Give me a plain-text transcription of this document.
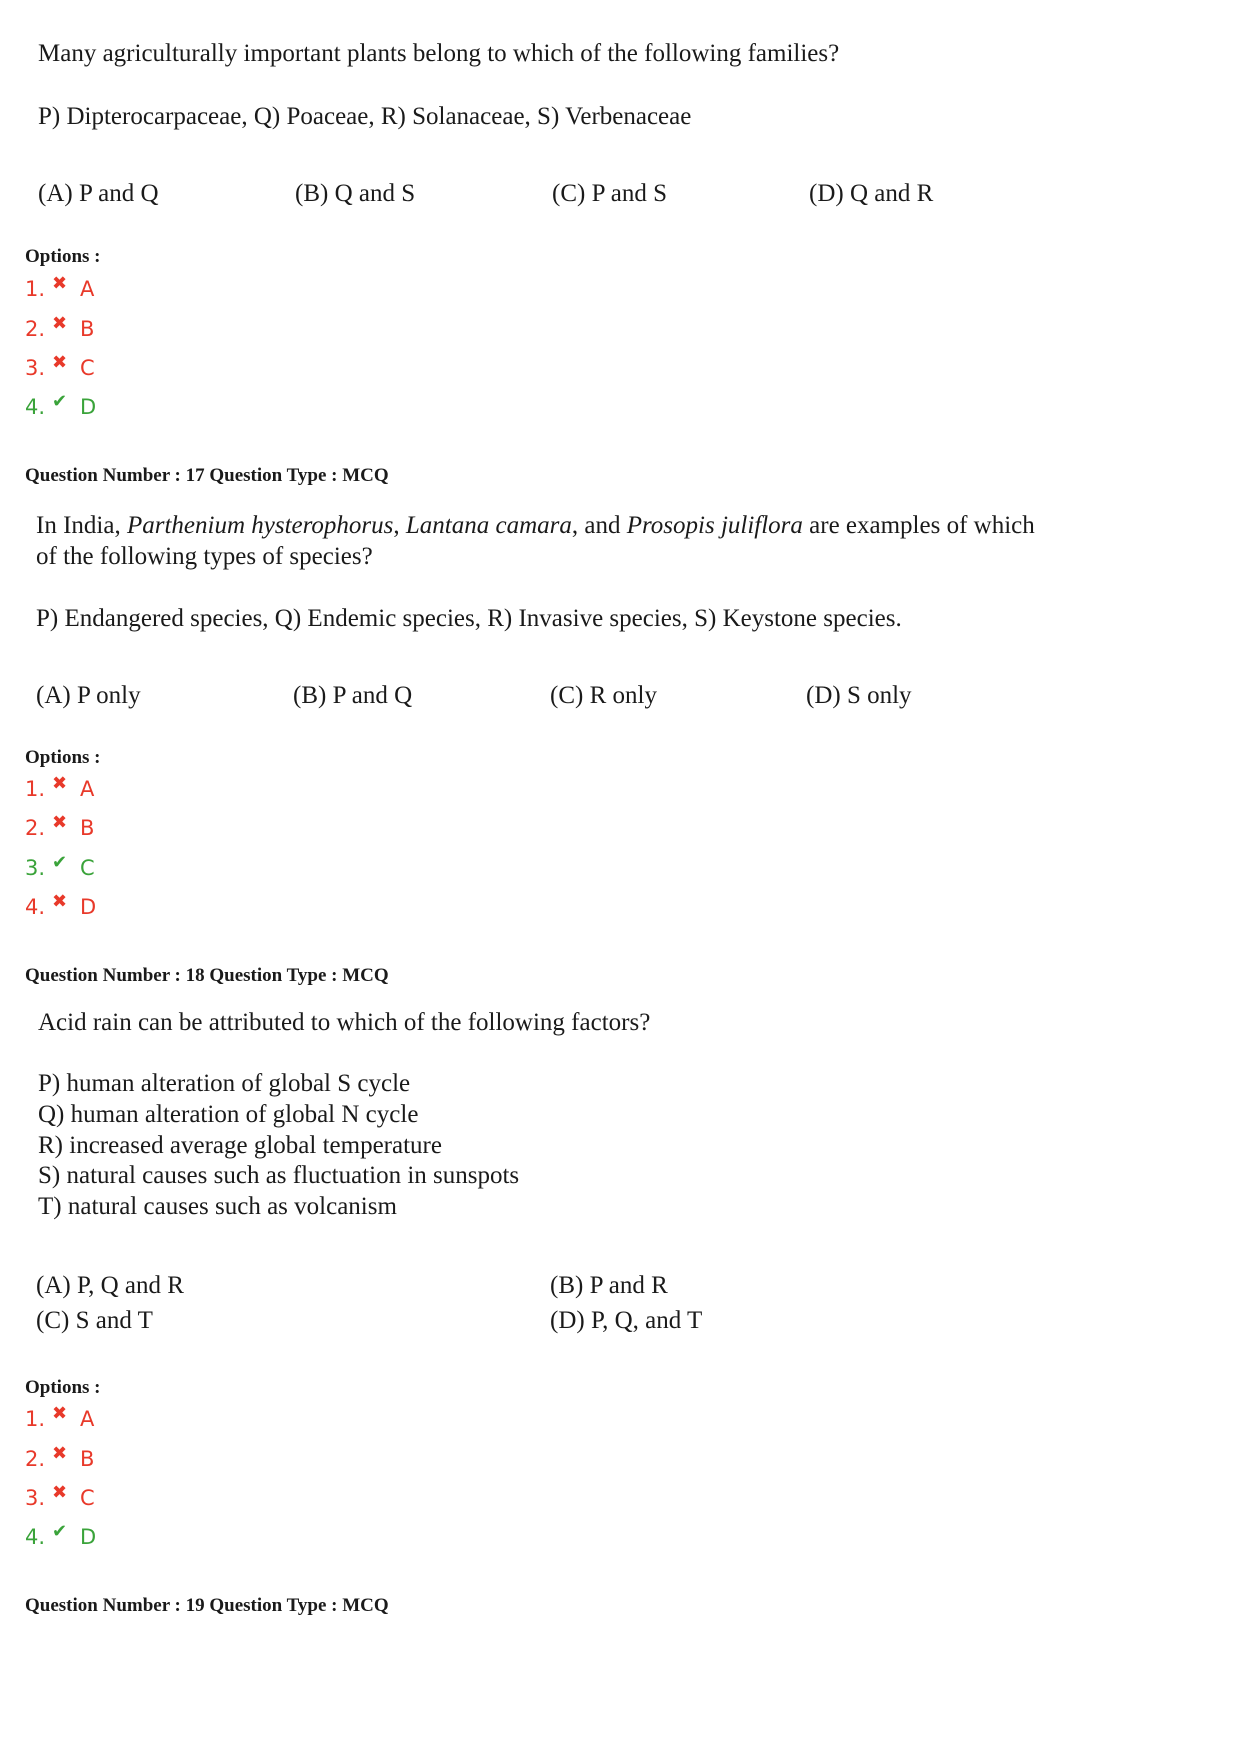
Many agriculturally important plants belong to which of the following families?
P) Dipterocarpaceae, Q) Poaceae, R) Solanaceae, S) Verbenaceae
(A) P and Q	(B) Q and S	(C) P and S	(D) Q and R
Options :
1. ✖ A
2. ✖ B
3. ✖ C
4. ✔ D
Question Number : 17 Question Type : MCQ
In India, Parthenium hysterophorus, Lantana camara, and Prosopis juliflora are examples of which
of the following types of species?
P) Endangered species, Q) Endemic species, R) Invasive species, S) Keystone species.
(A) P only	(B) P and Q	(C) R only	(D) S only
Options :
1. ✖ A
2. ✖ B
3. ✔ C
4. ✖ D
Question Number : 18 Question Type : MCQ
Acid rain can be attributed to which of the following factors?
P) human alteration of global S cycle
Q) human alteration of global N cycle
R) increased average global temperature
S) natural causes such as fluctuation in sunspots
T) natural causes such as volcanism
(A) P, Q and R	(B) P and R
(C) S and T	(D) P, Q, and T
Options :
1. ✖ A
2. ✖ B
3. ✖ C
4. ✔ D
Question Number : 19 Question Type : MCQ
